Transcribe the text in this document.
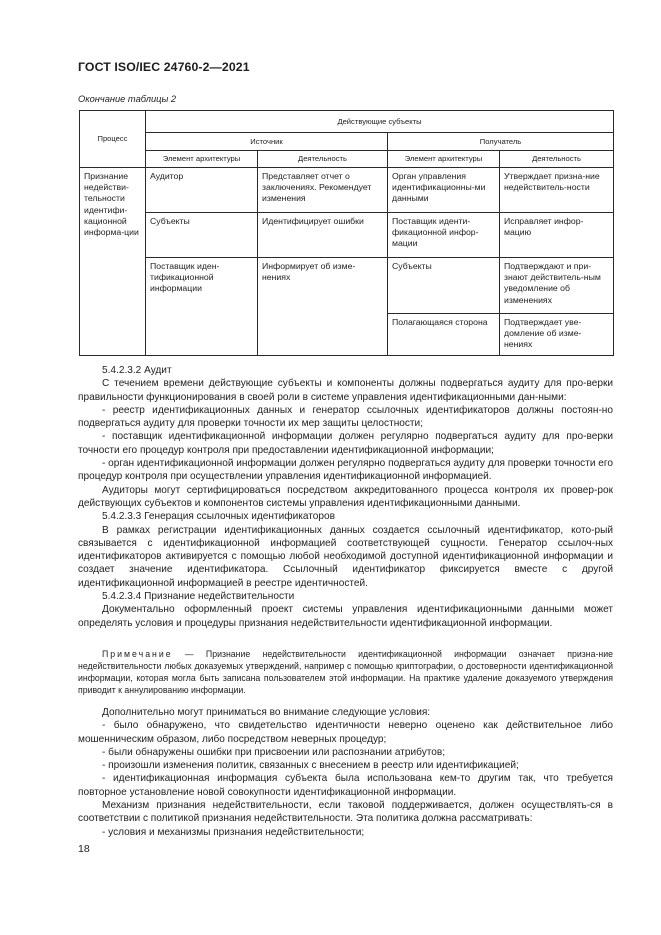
ГОСТ ISO/IEC 24760-2—2021
Окончание таблицы 2
Процесс	Действующие субъекты			
	Источник		Получатель	
	Элемент архитектуры	Деятельность	Элемент архитектуры	Деятельность
Признание недействи-тельности идентифи-кационной информа-ции	Аудитор	Представляет отчет о заключениях. Рекомендует изменения	Орган управления идентификационны-ми данными	Утверждает призна-ние недействитель-ности
	Субъекты	Идентифицирует ошибки	Поставщик иденти-фикационной инфор-мации	Исправляет инфор-мацию
	Поставщик иден-тификационной информации	Информирует об изме-нениях	Субъекты	Подтверждают и при-знают действитель-ным уведомление об изменениях
			Полагающаяся сторона	Подтверждает уве-домление об изме-нениях

5.4.2.3.2 Аудит

С течением времени действующие субъекты и компоненты должны подвергаться аудиту для про-верки правильности функционирования в своей роли в системе управления идентификационными дан-ными:

- реестр идентификационных данных и генератор ссылочных идентификаторов должны постоян-но подвергаться аудиту для проверки точности их мер защиты целостности;

- поставщик идентификационной информации должен регулярно подвергаться аудиту для про-верки точности его процедур контроля при предоставлении идентификационной информации;

- орган идентификационной информации должен регулярно подвергаться аудиту для проверки точности его процедур контроля при осуществлении управления идентификационной информацией.

Аудиторы могут сертифицироваться посредством аккредитованного процесса контроля их провер-рок действующих субъектов и компонентов системы управления идентификационными данными.

5.4.2.3.3 Генерация ссылочных идентификаторов

В рамках регистрации идентификационных данных создается ссылочный идентификатор, кото-рый связывается с идентификационной информацией соответствующей сущности. Генератор ссылоч-ных идентификаторов активируется с помощью любой необходимой доступной идентификационной информации и создает значение идентификатора. Ссылочный идентификатор фиксируется вместе с другой идентификационной информацией в реестре идентичностей.

5.4.2.3.4 Признание недействительности

Документально оформленный проект системы управления идентификационными данными может определять условия и процедуры признания недействительности идентификационной информации.

Примечание — Признание недействительности идентификационной информации означает призна-ние недействительности любых доказуемых утверждений, например с помощью криптографии, о достоверности идентификационной информации, которая могла быть записана пользователем этой информации. На практике удаление доказуемого утверждения приводит к аннулированию информации.

Дополнительно могут приниматься во внимание следующие условия:

- было обнаружено, что свидетельство идентичности неверно оценено как действительное либо мошенническим образом, либо посредством неверных процедур;

- были обнаружены ошибки при присвоении или распознании атрибутов;

- произошли изменения политик, связанных с внесением в реестр или идентификацией;

- идентификационная информация субъекта была использована кем-то другим так, что требуется повторное установление новой совокупности идентификационной информации.

Механизм признания недействительности, если таковой поддерживается, должен осуществлять-ся в соответствии с политикой признания недействительности. Эта политика должна рассматривать:

- условия и механизмы признания недействительности;

18
